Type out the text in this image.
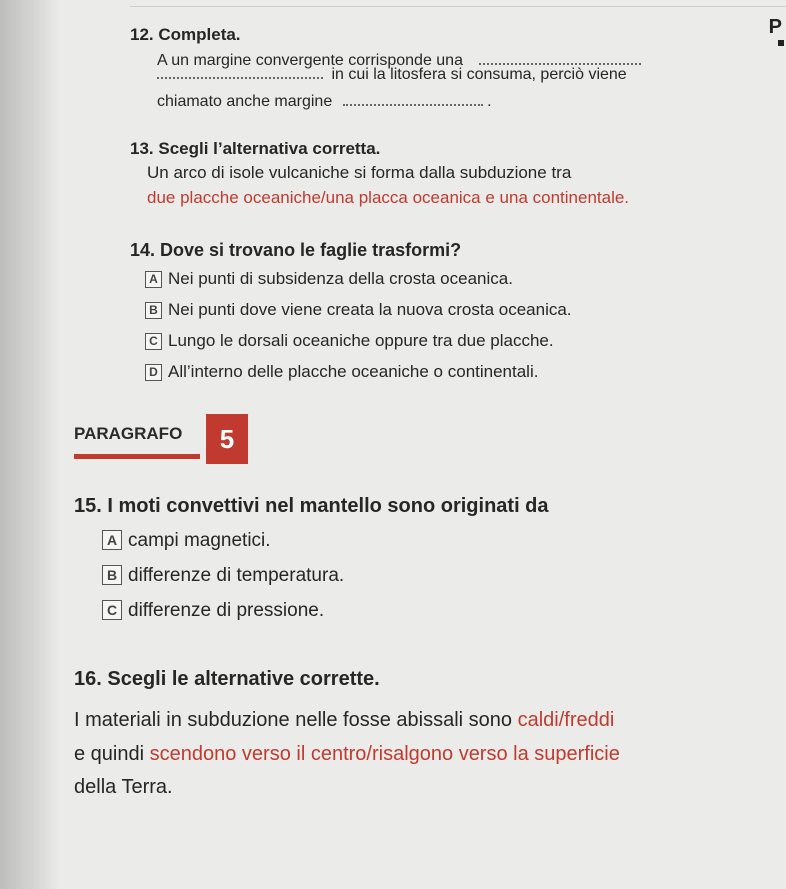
P
12. Completa.
A un margine convergente corrisponde una
in cui la litosfera si consuma, perciò viene
chiamato anche margine	.
13. Scegli l’alternativa corretta.
Un arco di isole vulcaniche si forma dalla subduzione tra
due placche oceaniche/una placca oceanica e una continentale.
14. Dove si trovano le faglie trasformi?
A Nei punti di subsidenza della crosta oceanica.
B Nei punti dove viene creata la nuova crosta oceanica.
C Lungo le dorsali oceaniche oppure tra due placche.
D All’interno delle placche oceaniche o continentali.
PARAGRAFO	5
15. I moti convettivi nel mantello sono originati da
A campi magnetici.
B differenze di temperatura.
C differenze di pressione.
16. Scegli le alternative corrette.
I materiali in subduzione nelle fosse abissali sono caldi/freddi
e quindi scendono verso il centro/risalgono verso la superficie
della Terra.
